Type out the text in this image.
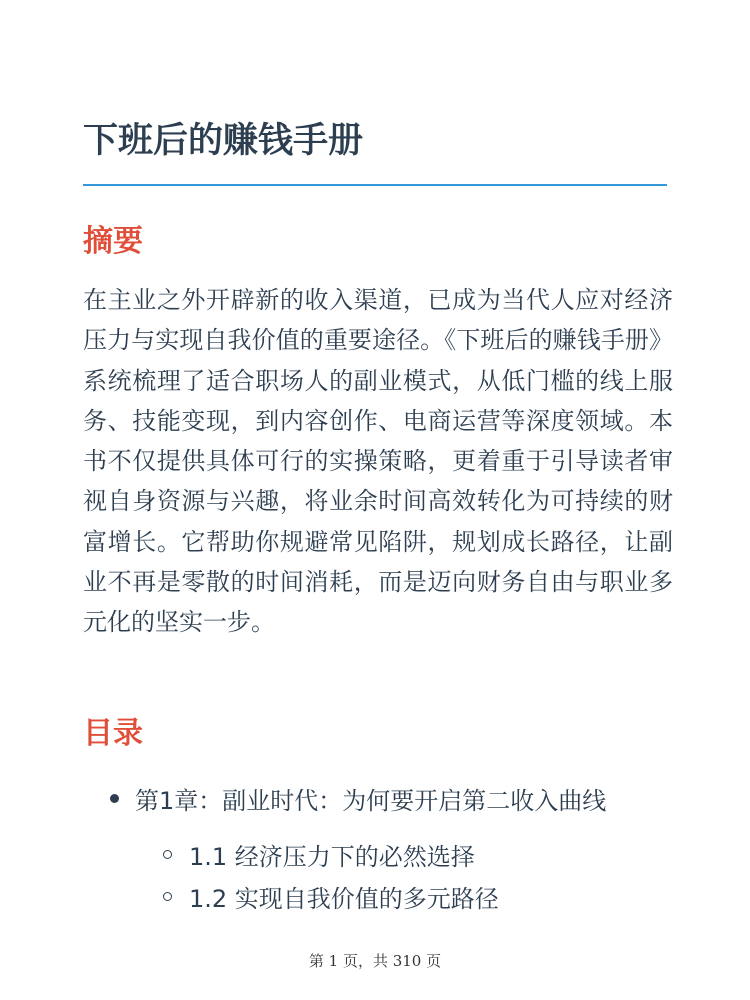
下班后的赚钱手册
摘要

在主业之外开辟新的收入渠道，已成为当代人应对经济压力与实现自我价值的重要途径。《下班后的赚钱手册》系统梳理了适合职场人的副业模式，从低门槛的线上服务、技能变现，到内容创作、电商运营等深度领域。本书不仅提供具体可行的实操策略，更着重于引导读者审视自身资源与兴趣，将业余时间高效转化为可持续的财富增长。它帮助你规避常见陷阱，规划成长路径，让副业不再是零散的时间消耗，而是迈向财务自由与职业多元化的坚实一步。

目录
第1章：副业时代：为何要开启第二收入曲线
1.1 经济压力下的必然选择
1.2 实现自我价值的多元路径
第 1 页，共 310 页
